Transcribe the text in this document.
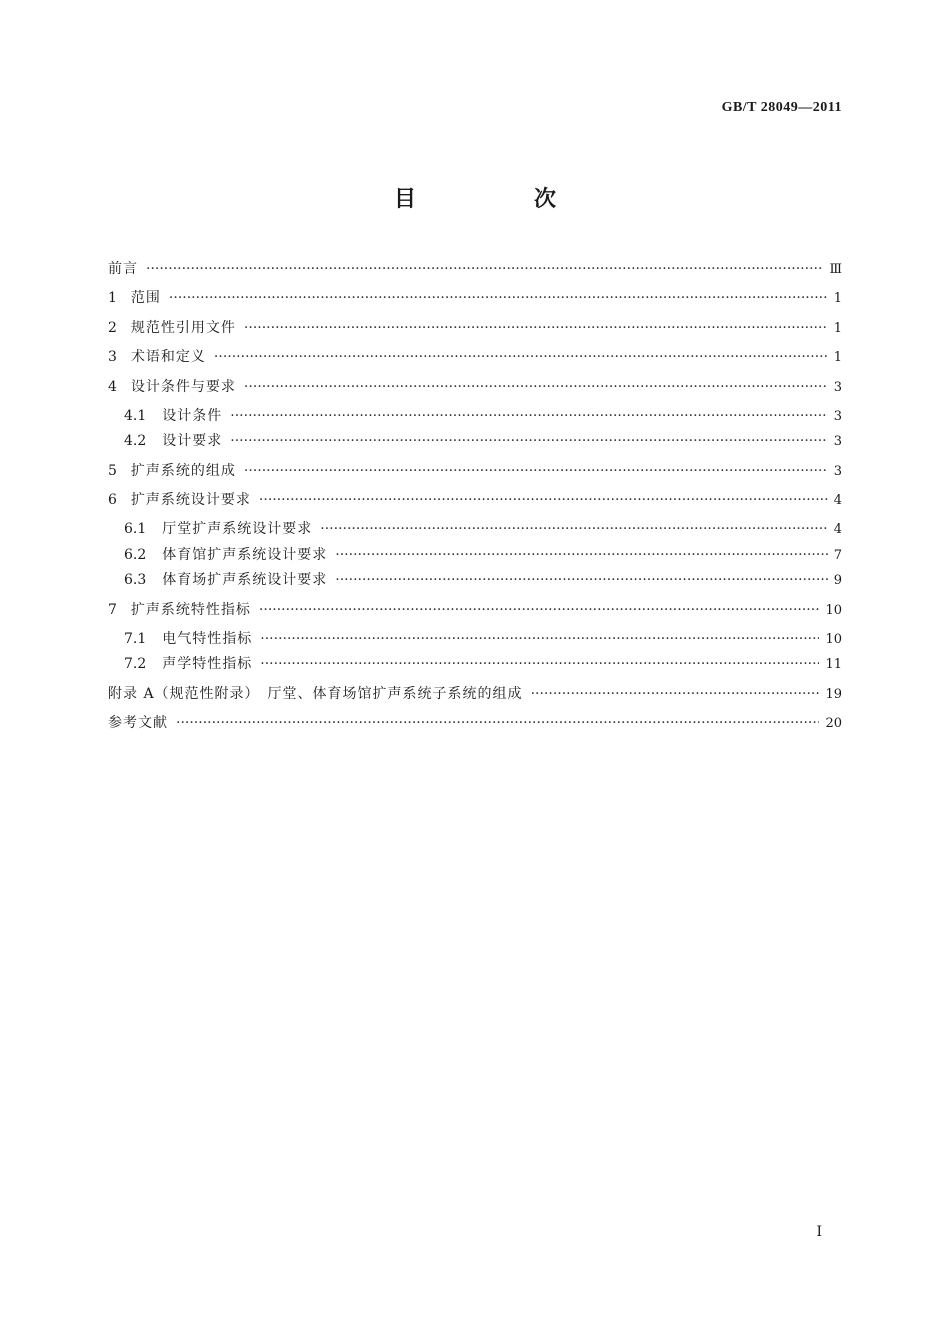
GB/T 28049—2011
目　次
前言 ·····	Ⅲ
1 范围 ·····	1
2 规范性引用文件 ·····	1
3 术语和定义 ·····	1
4 设计条件与要求 ·····	3
4.1 设计条件 ·····	3
4.2 设计要求 ·····	3
5 扩声系统的组成 ·····	3
6 扩声系统设计要求 ·····	4
6.1 厅堂扩声系统设计要求 ·····	4
6.2 体育馆扩声系统设计要求 ·····	7
6.3 体育场扩声系统设计要求 ·····	9
7 扩声系统特性指标 ·····	10
7.1 电气特性指标 ·····	10
7.2 声学特性指标 ·····	11
附录 A（规范性附录）　厅堂、体育场馆扩声系统子系统的组成 ·····	19
参考文献 ·····	20
I
